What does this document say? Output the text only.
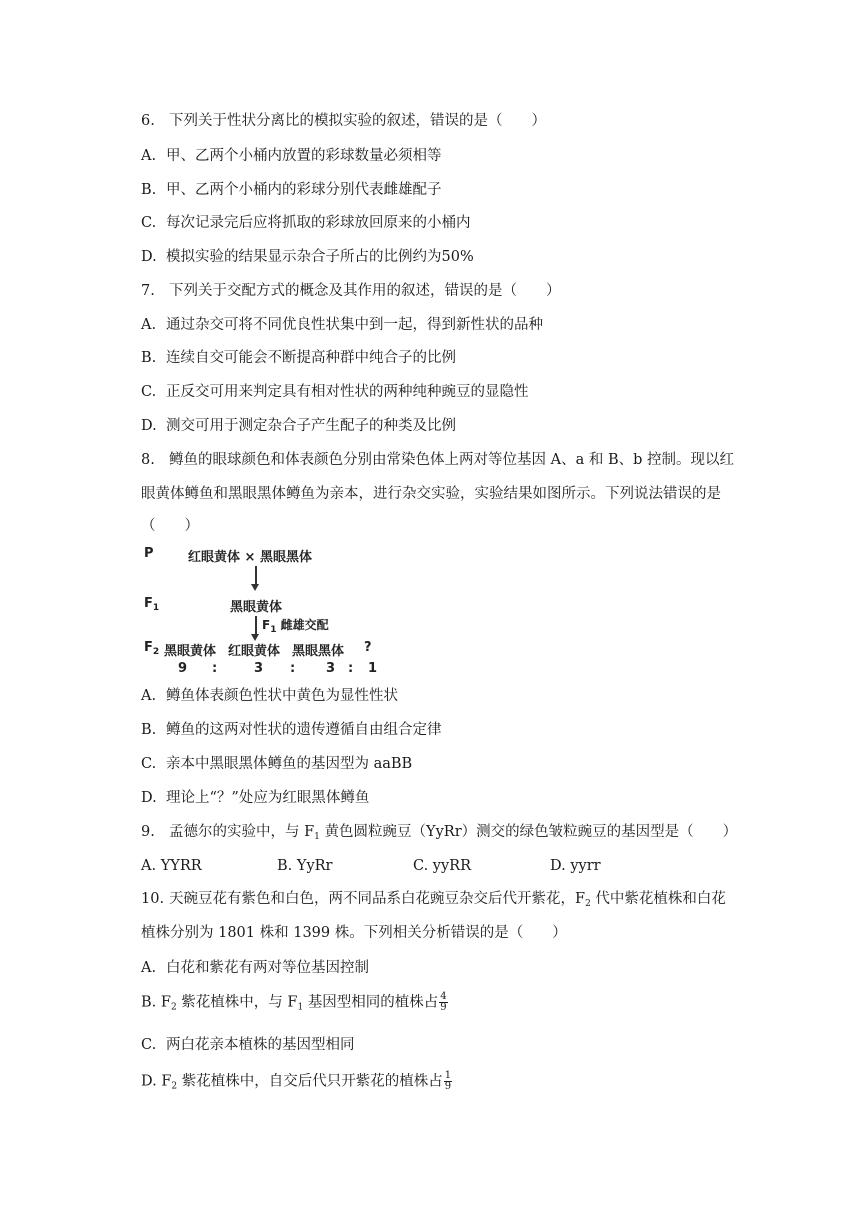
6. 下列关于性状分离比的模拟实验的叙述，错误的是（　　）
A. 甲、乙两个小桶内放置的彩球数量必须相等
B. 甲、乙两个小桶内的彩球分别代表雌雄配子
C. 每次记录完后应将抓取的彩球放回原来的小桶内
D. 模拟实验的结果显示杂合子所占的比例约为50%
7. 下列关于交配方式的概念及其作用的叙述，错误的是（　　）
A. 通过杂交可将不同优良性状集中到一起，得到新性状的品种
B. 连续自交可能会不断提高种群中纯合子的比例
C. 正反交可用来判定具有相对性状的两种纯种豌豆的显隐性
D. 测交可用于测定杂合子产生配子的种类及比例
8. 鳟鱼的眼球颜色和体表颜色分别由常染色体上两对等位基因 A、a 和 B、b 控制。现以红
眼黄体鳟鱼和黑眼黑体鳟鱼为亲本，进行杂交实验，实验结果如图所示。下列说法错误的是
（　　）
P	红眼黄体 × 黑眼黑体
$F_1$	黑眼黄体
$F_1$ 雌雄交配
$F_2$ 黑眼黄体 红眼黄体 黑眼黑体 ?
9 :	3 : 3 : 1
A. 鳟鱼体表颜色性状中黄色为显性性状
B. 鳟鱼的这两对性状的遗传遵循自由组合定律
C. 亲本中黑眼黑体鳟鱼的基因型为 aaBB
D. 理论上“？”处应为红眼黑体鳟鱼
9. 孟德尔的实验中，与 $F_1$ 黄色圆粒豌豆（YyRr）测交的绿色皱粒豌豆的基因型是（　　）
A. YYRR	B. YyRr	C. yyRR	D. yyrr
10. 天碗豆花有紫色和白色，两不同品系白花豌豆杂交后代开紫花，$F_2$ 代中紫花植株和白花
植株分别为 1801 株和 1399 株。下列相关分析错误的是（　　）
A. 白花和紫花有两对等位基因控制
B. $F_2$ 紫花植株中，与 $F_1$ 基因型相同的植株占 $\frac{4}{9}$
C. 两白花亲本植株的基因型相同
D. $F_2$ 紫花植株中，自交后代只开紫花的植株占 $\frac{1}{9}$
